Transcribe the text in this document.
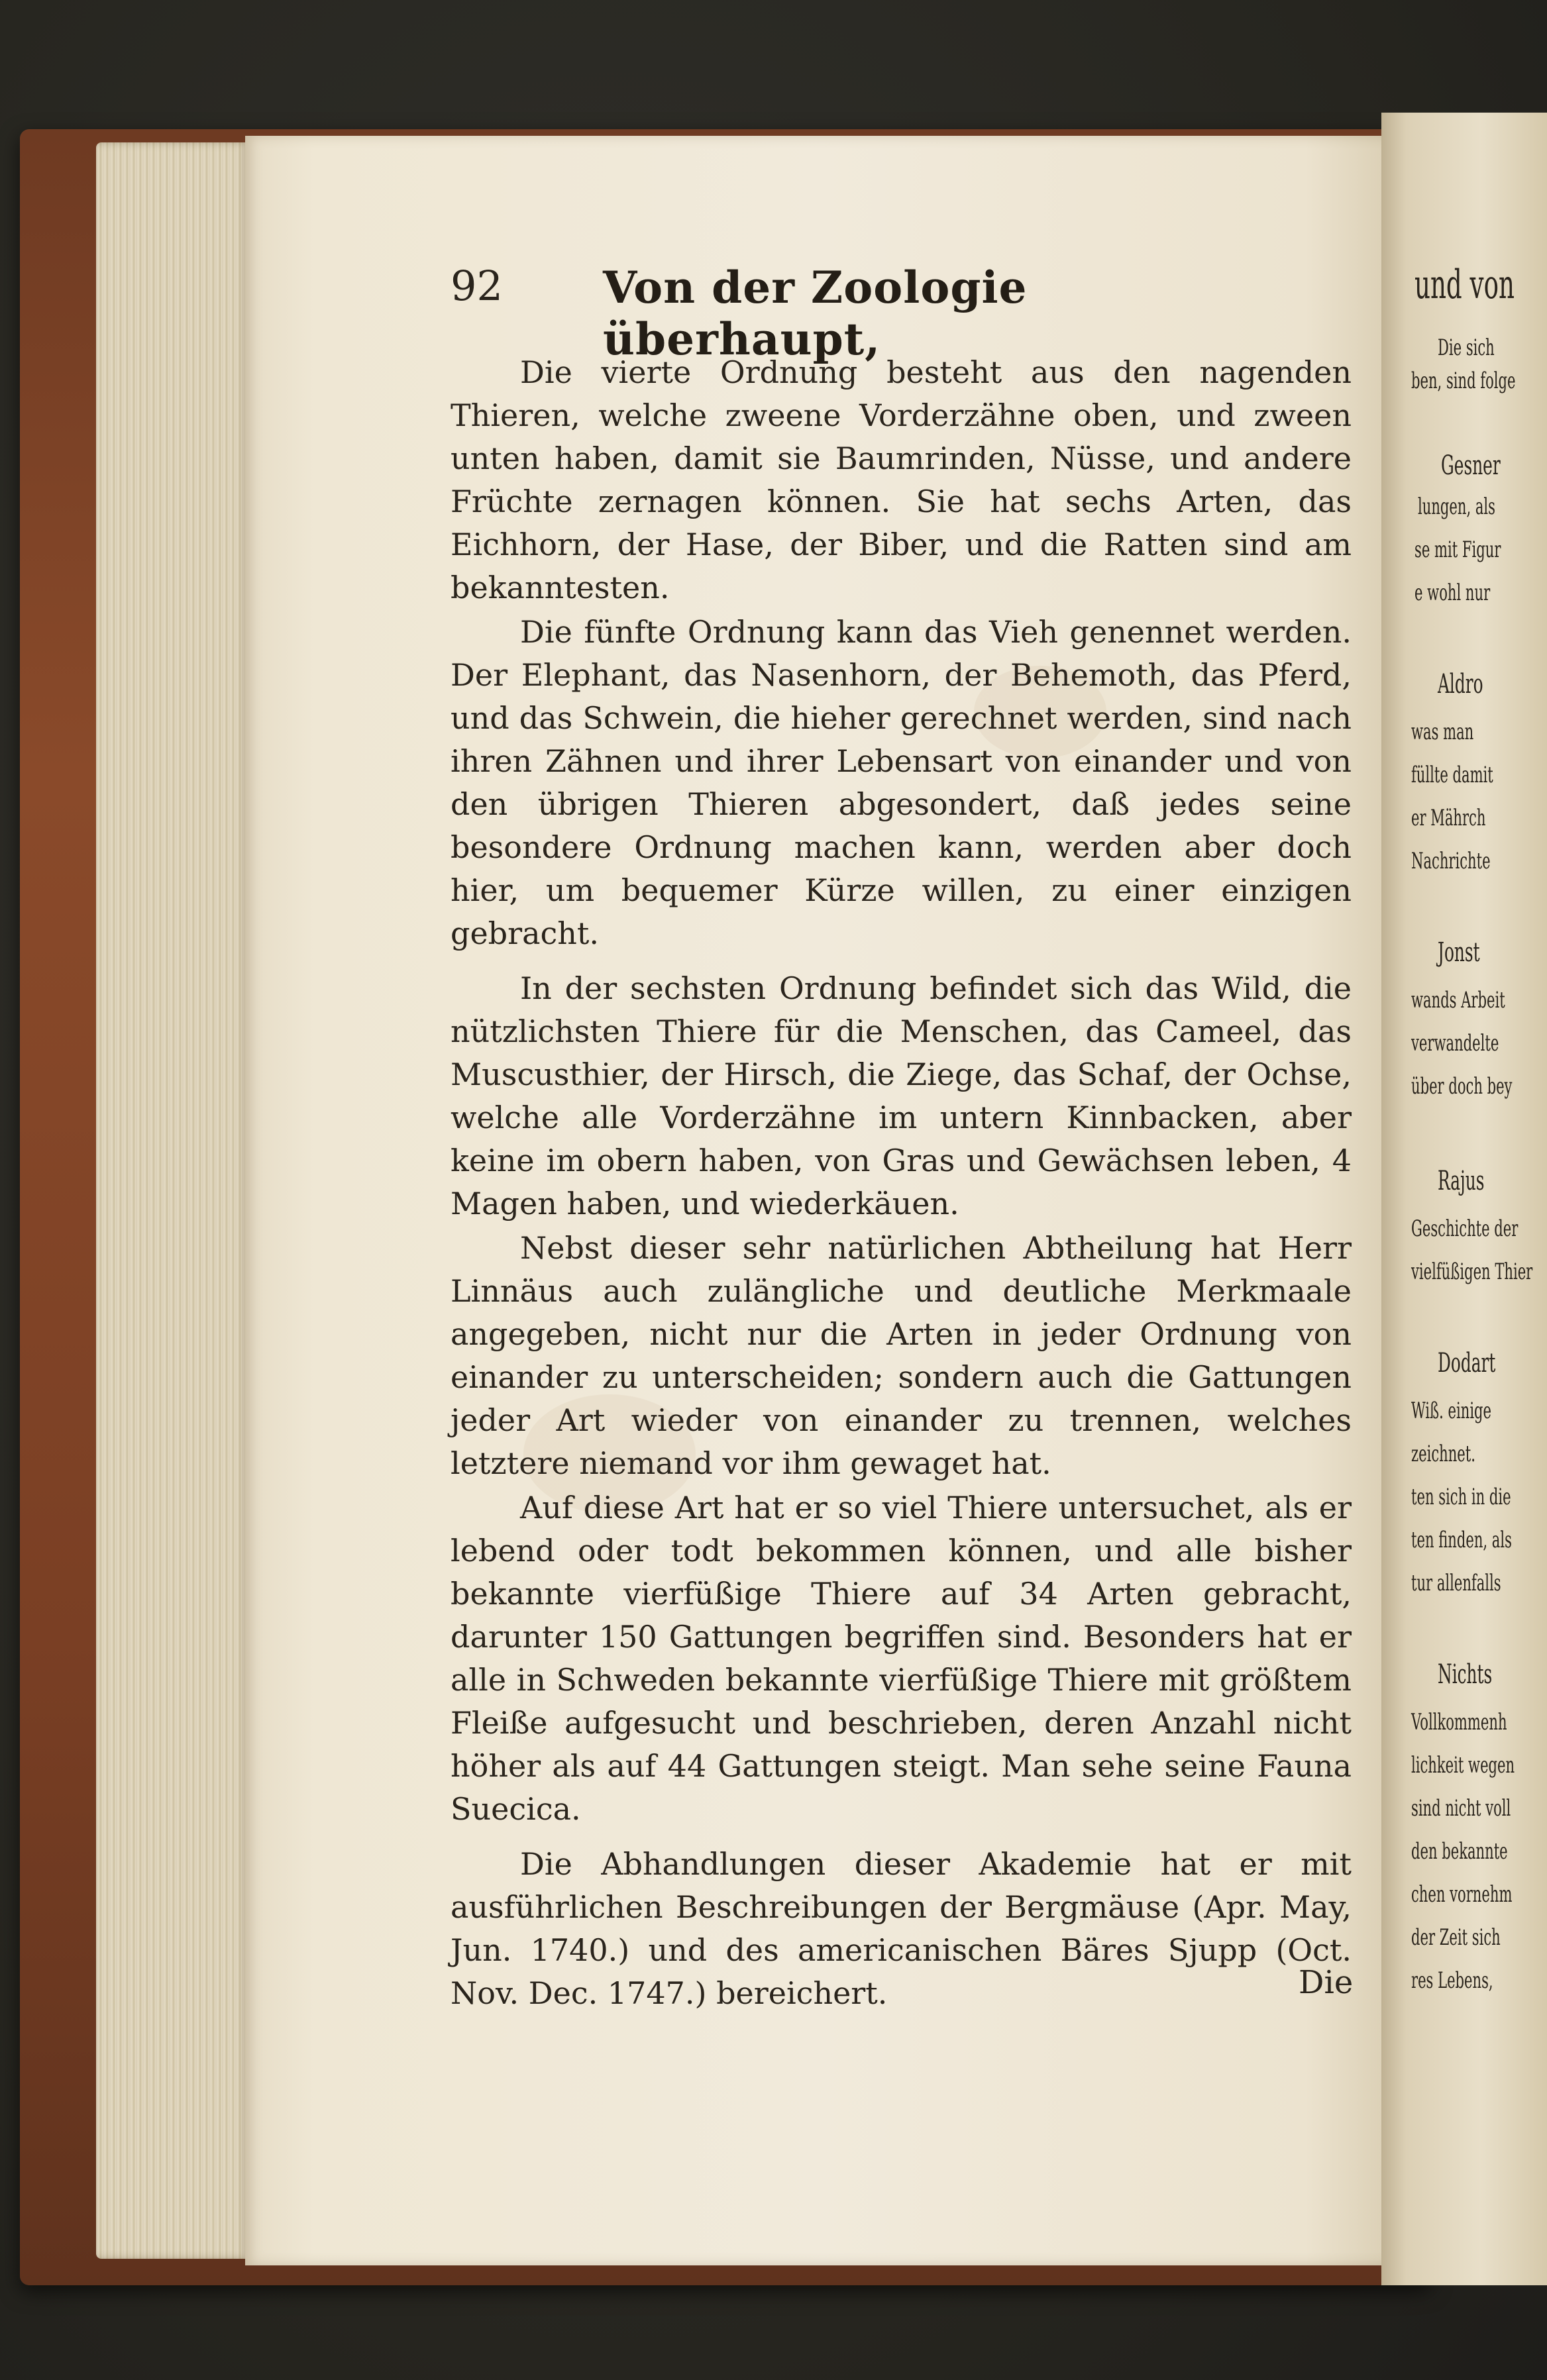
92 Von der Zoologie überhaupt,

Die vierte Ordnung besteht aus den nagenden Thieren, welche zweene Vorderzähne oben, und zween unten haben, damit sie Baumrinden, Nüsse, und andere Früchte zernagen können. Sie hat sechs Arten, das Eichhorn, der Hase, der Biber, und die Ratten sind am bekanntesten.

Die fünfte Ordnung kann das Vieh genennet werden. Der Elephant, das Nasenhorn, der Behemoth, das Pferd, und das Schwein, die hieher gerechnet werden, sind nach ihren Zähnen und ihrer Lebensart von einander und von den übrigen Thieren abgesondert, daß jedes seine besondere Ordnung machen kann, werden aber doch hier, um bequemer Kürze willen, zu einer einzigen gebracht.

In der sechsten Ordnung befindet sich das Wild, die nützlichsten Thiere für die Menschen, das Cameel, das Muscusthier, der Hirsch, die Ziege, das Schaf, der Ochse, welche alle Vorderzähne im untern Kinnbacken, aber keine im obern haben, von Gras und Gewächsen leben, 4 Magen haben, und wiederkäuen.

Nebst dieser sehr natürlichen Abtheilung hat Herr Linnäus auch zulängliche und deutliche Merkmaale angegeben, nicht nur die Arten in jeder Ordnung von einander zu unterscheiden; sondern auch die Gattungen jeder Art wieder von einander zu trennen, welches letztere niemand vor ihm gewaget hat.

Auf diese Art hat er so viel Thiere untersuchet, als er lebend oder todt bekommen können, und alle bisher bekannte vierfüßige Thiere auf 34 Arten gebracht, darunter 150 Gattungen begriffen sind. Besonders hat er alle in Schweden bekannte vierfüßige Thiere mit größtem Fleiße aufgesucht und beschrieben, deren Anzahl nicht höher als auf 44 Gattungen steigt. Man sehe seine Fauna Suecica.

Die Abhandlungen dieser Akademie hat er mit ausführlichen Beschreibungen der Bergmäuse (Apr. May, Jun. 1740.) und des americanischen Bäres Sjupp (Oct. Nov. Dec. 1747.) bereichert.	Die
und von
Die sich
ben, sind folge
Gesner
lungen, als
se mit Figur
e wohl nur
Aldro
was man
füllte damit
er Mährch
Nachrichte
Jonst
wands Arbeit
verwandelte
über doch bey
Rajus
Geschichte der
vielfüßigen Thier
Dodart
Wiß. einige
zeichnet.
ten sich in die
ten finden, als
tur allenfalls
Nichts
Vollkommenh
lichkeit wegen
sind nicht voll
den bekannte
chen vornehm
der Zeit sich
res Lebens,
